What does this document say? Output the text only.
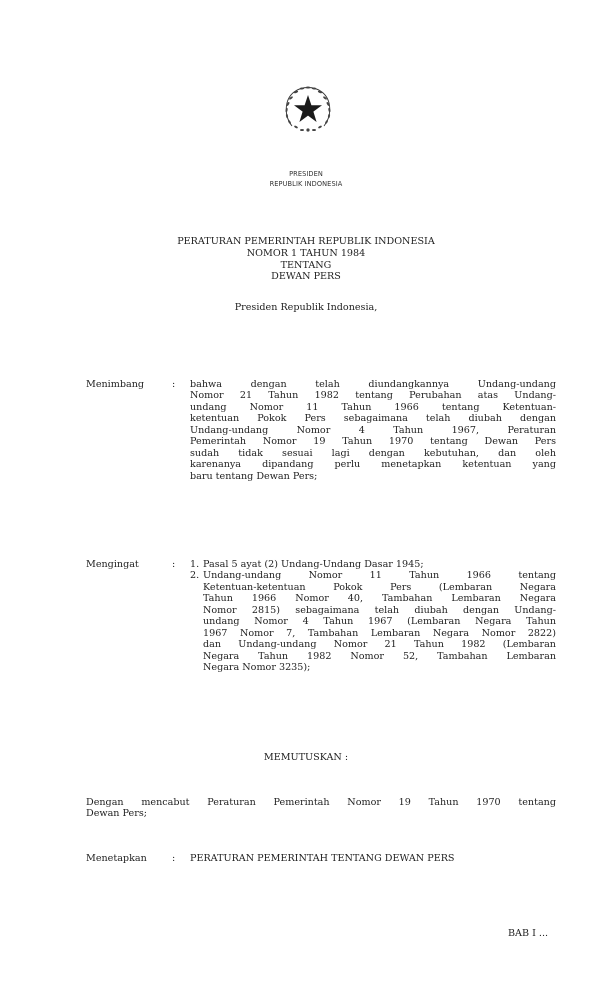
PRESIDEN
REPUBLIK INDONESIA
PERATURAN PEMERINTAH REPUBLIK INDONESIA
NOMOR 1 TAHUN 1984
TENTANG
DEWAN PERS
Presiden Republik Indonesia,
Menimbang	: bahwa dengan telah diundangkannya Undang-undang
Nomor 21 Tahun 1982 tentang Perubahan atas Undang-
undang Nomor 11 Tahun 1966 tentang Ketentuan-
ketentuan Pokok Pers sebagaimana telah diubah dengan
Undang-undang Nomor 4 Tahun 1967, Peraturan
Pemerintah Nomor 19 Tahun 1970 tentang Dewan Pers
sudah tidak sesuai lagi dengan kebutuhan, dan oleh
karenanya dipandang perlu menetapkan ketentuan yang
baru tentang Dewan Pers;
Mengingat	: 1. Pasal 5 ayat (2) Undang-Undang Dasar 1945;
2. Undang-undang Nomor 11 Tahun 1966 tentang
Ketentuan-ketentuan Pokok Pers (Lembaran Negara
Tahun 1966 Nomor 40, Tambahan Lembaran Negara
Nomor 2815) sebagaimana telah diubah dengan Undang-
undang Nomor 4 Tahun 1967 (Lembaran Negara Tahun
1967 Nomor 7, Tambahan Lembaran Negara Nomor 2822)
dan Undang-undang Nomor 21 Tahun 1982 (Lembaran
Negara Tahun 1982 Nomor 52, Tambahan Lembaran
Negara Nomor 3235);
MEMUTUSKAN :
Dengan mencabut Peraturan Pemerintah Nomor 19 Tahun 1970 tentang
Dewan Pers;
Menetapkan	: PERATURAN PEMERINTAH TENTANG DEWAN PERS
BAB I ...
